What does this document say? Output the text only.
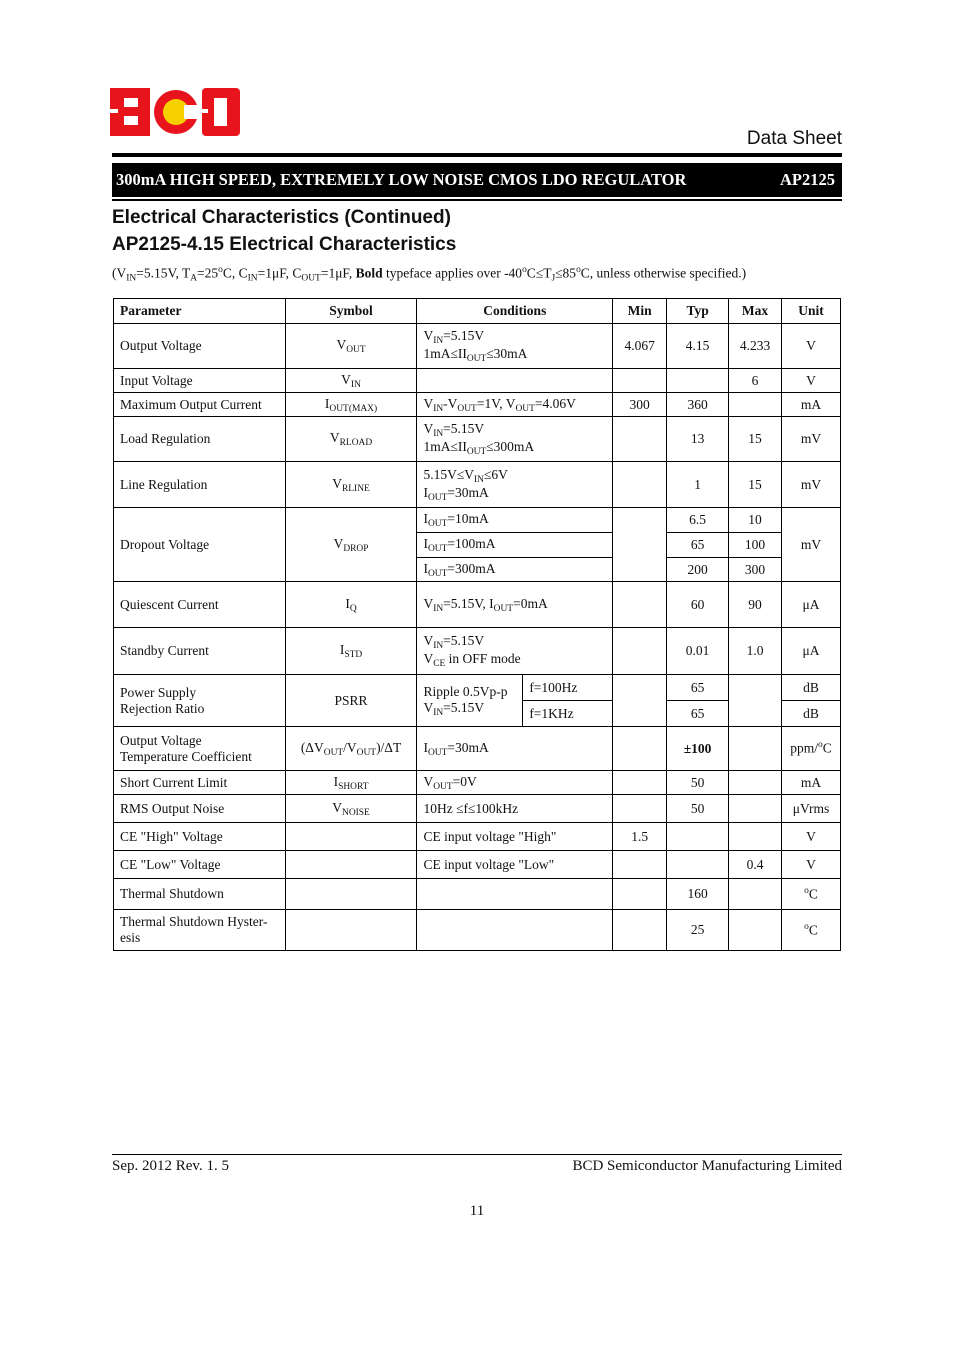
Data Sheet
300mA HIGH SPEED, EXTREMELY LOW NOISE CMOS LDO REGULATOR	AP2125
Electrical Characteristics (Continued)
AP2125-4.15 Electrical Characteristics
($V_{IN}=5.15V$, $T_A=25^oC$, $C_{IN}=1\mu F$, $C_{OUT}=1\mu F$, Bold typeface applies over $-40^oC\le T_J\le 85^oC$, unless otherwise specified.)
Parameter	Symbol	Conditions		Min	Typ	Max	Unit
Output Voltage	$V_{OUT}$	$V_{IN}=5.15V$
$1mA\le II_{OUT}\le 30mA$		4.067	4.15	4.233	V
Input Voltage	$V_{IN}$					6	V
Maximum Output Current	$I_{OUT(MAX)}$	$V_{IN}-V_{OUT}=1V$, $V_{OUT}=4.06V$		300	360		mA
Load Regulation	$V_{RLOAD}$	$V_{IN}=5.15V$
$1mA\le II_{OUT}\le 300mA$			13	15	mV
Line Regulation	$V_{RLINE}$	$5.15V\le V_{IN}\le 6V$
$I_{OUT}=30mA$			1	15	mV
Dropout Voltage	$V_{DROP}$	$I_{OUT}=10mA$			6.5	10	mV
		$I_{OUT}=100mA$			65	100	
		$I_{OUT}=300mA$			200	300	
Quiescent Current	$I_Q$	$V_{IN}=5.15V$, $I_{OUT}=0mA$			60	90	μA
Standby Current	$I_{STD}$	$V_{IN}=5.15V$
$V_{CE}$ in OFF mode			0.01	1.0	μA

Power Supply
Rejection Ratio	PSRR	Ripple 0.5Vp-p
$V_{IN}=5.15V$	f=100Hz		65		dB
			f=1KHz		65		dB

Output Voltage
Temperature Coefficient	$(\Delta V_{OUT}/V_{OUT})/\Delta T$	$I_{OUT}=30mA$			±100		ppm/$^o$C
Short Current Limit	$I_{SHORT}$	$V_{OUT}=0V$			50		mA
RMS Output Noise	$V_{NOISE}$	10Hz ≤f≤100kHz			50		μVrms
CE "High" Voltage		CE input voltage "High"		1.5			V
CE "Low" Voltage		CE input voltage "Low"				0.4	V
Thermal Shutdown					160		$^o$C

Thermal Shutdown Hyster-
esis					25		$^o$C
Sep. 2012 Rev. 1. 5	BCD Semiconductor Manufacturing Limited
11
